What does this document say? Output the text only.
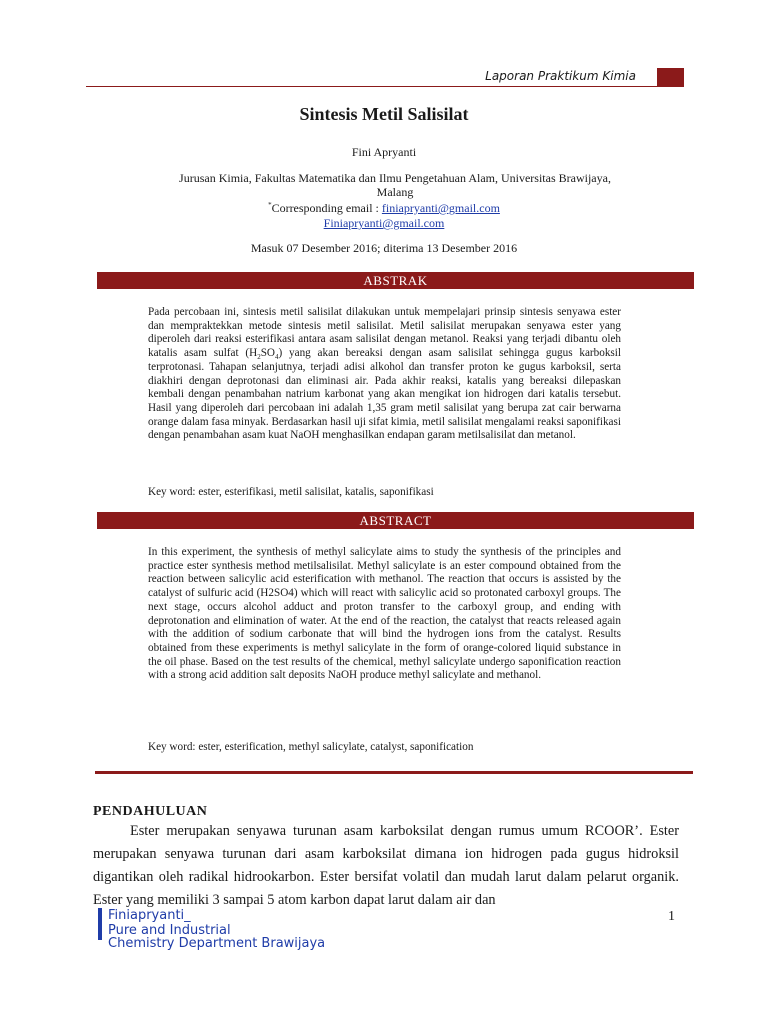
Laporan Praktikum Kimia
Sintesis Metil Salisilat
Fini Apryanti
Jurusan Kimia, Fakultas Matematika dan Ilmu Pengetahuan Alam, Universitas Brawijaya, Malang
*Corresponding email : finiapryanti@gmail.com
Finiapryanti@gmail.com
Masuk 07 Desember 2016; diterima 13 Desember 2016
ABSTRAK

Pada percobaan ini, sintesis metil salisilat dilakukan untuk mempelajari prinsip sintesis senyawa ester dan mempraktekkan metode sintesis metil salisilat. Metil salisilat merupakan senyawa ester yang diperoleh dari reaksi esterifikasi antara asam salisilat dengan metanol. Reaksi yang terjadi dibantu oleh katalis asam sulfat $(H_2SO_4)$ yang akan bereaksi dengan asam salisilat sehingga gugus karboksil terprotonasi. Tahapan selanjutnya, terjadi adisi alkohol dan transfer proton ke gugus karboksil, serta diakhiri dengan deprotonasi dan eliminasi air. Pada akhir reaksi, katalis yang bereaksi dilepaskan kembali dengan penambahan natrium karbonat yang akan mengikat ion hidrogen dari katalis tersebut. Hasil yang diperoleh dari percobaan ini adalah 1,35 gram metil salisilat yang berupa zat cair berwarna orange dalam fasa minyak. Berdasarkan hasil uji sifat kimia, metil salisilat mengalami reaksi saponifikasi dengan penambahan asam kuat NaOH menghasilkan endapan garam metilsalisilat dan metanol.

Key word: ester, esterifikasi, metil salisilat, katalis, saponifikasi
ABSTRACT

In this experiment, the synthesis of methyl salicylate aims to study the synthesis of the principles and practice ester synthesis method metilsalisilat. Methyl salicylate is an ester compound obtained from the reaction between salicylic acid esterification with methanol. The reaction that occurs is assisted by the catalyst of sulfuric acid (H2SO4) which will react with salicylic acid so protonated carboxyl groups. The next stage, occurs alcohol adduct and proton transfer to the carboxyl group, and ending with deprotonation and elimination of water. At the end of the reaction, the catalyst that reacts released again with the addition of sodium carbonate that will bind the hydrogen ions from the catalyst. Results obtained from these experiments is methyl salicylate in the form of orange-colored liquid substance in the oil phase. Based on the test results of the chemical, methyl salicylate undergo saponification reaction with a strong acid addition salt deposits NaOH produce methyl salicylate and methanol.

Key word: ester, esterification, methyl salicylate, catalyst, saponification
PENDAHULUAN

Ester merupakan senyawa turunan asam karboksilat dengan rumus umum RCOOR’. Ester merupakan senyawa turunan dari asam karboksilat dimana ion hidrogen pada gugus hidroksil digantikan oleh radikal hidrookarbon. Ester bersifat volatil dan mudah larut dalam pelarut organik. Ester yang memiliki 3 sampai 5 atom karbon dapat larut dalam air dan

Finiapryanti_
Pure and Industrial
Chemistry Department Brawijaya
1
